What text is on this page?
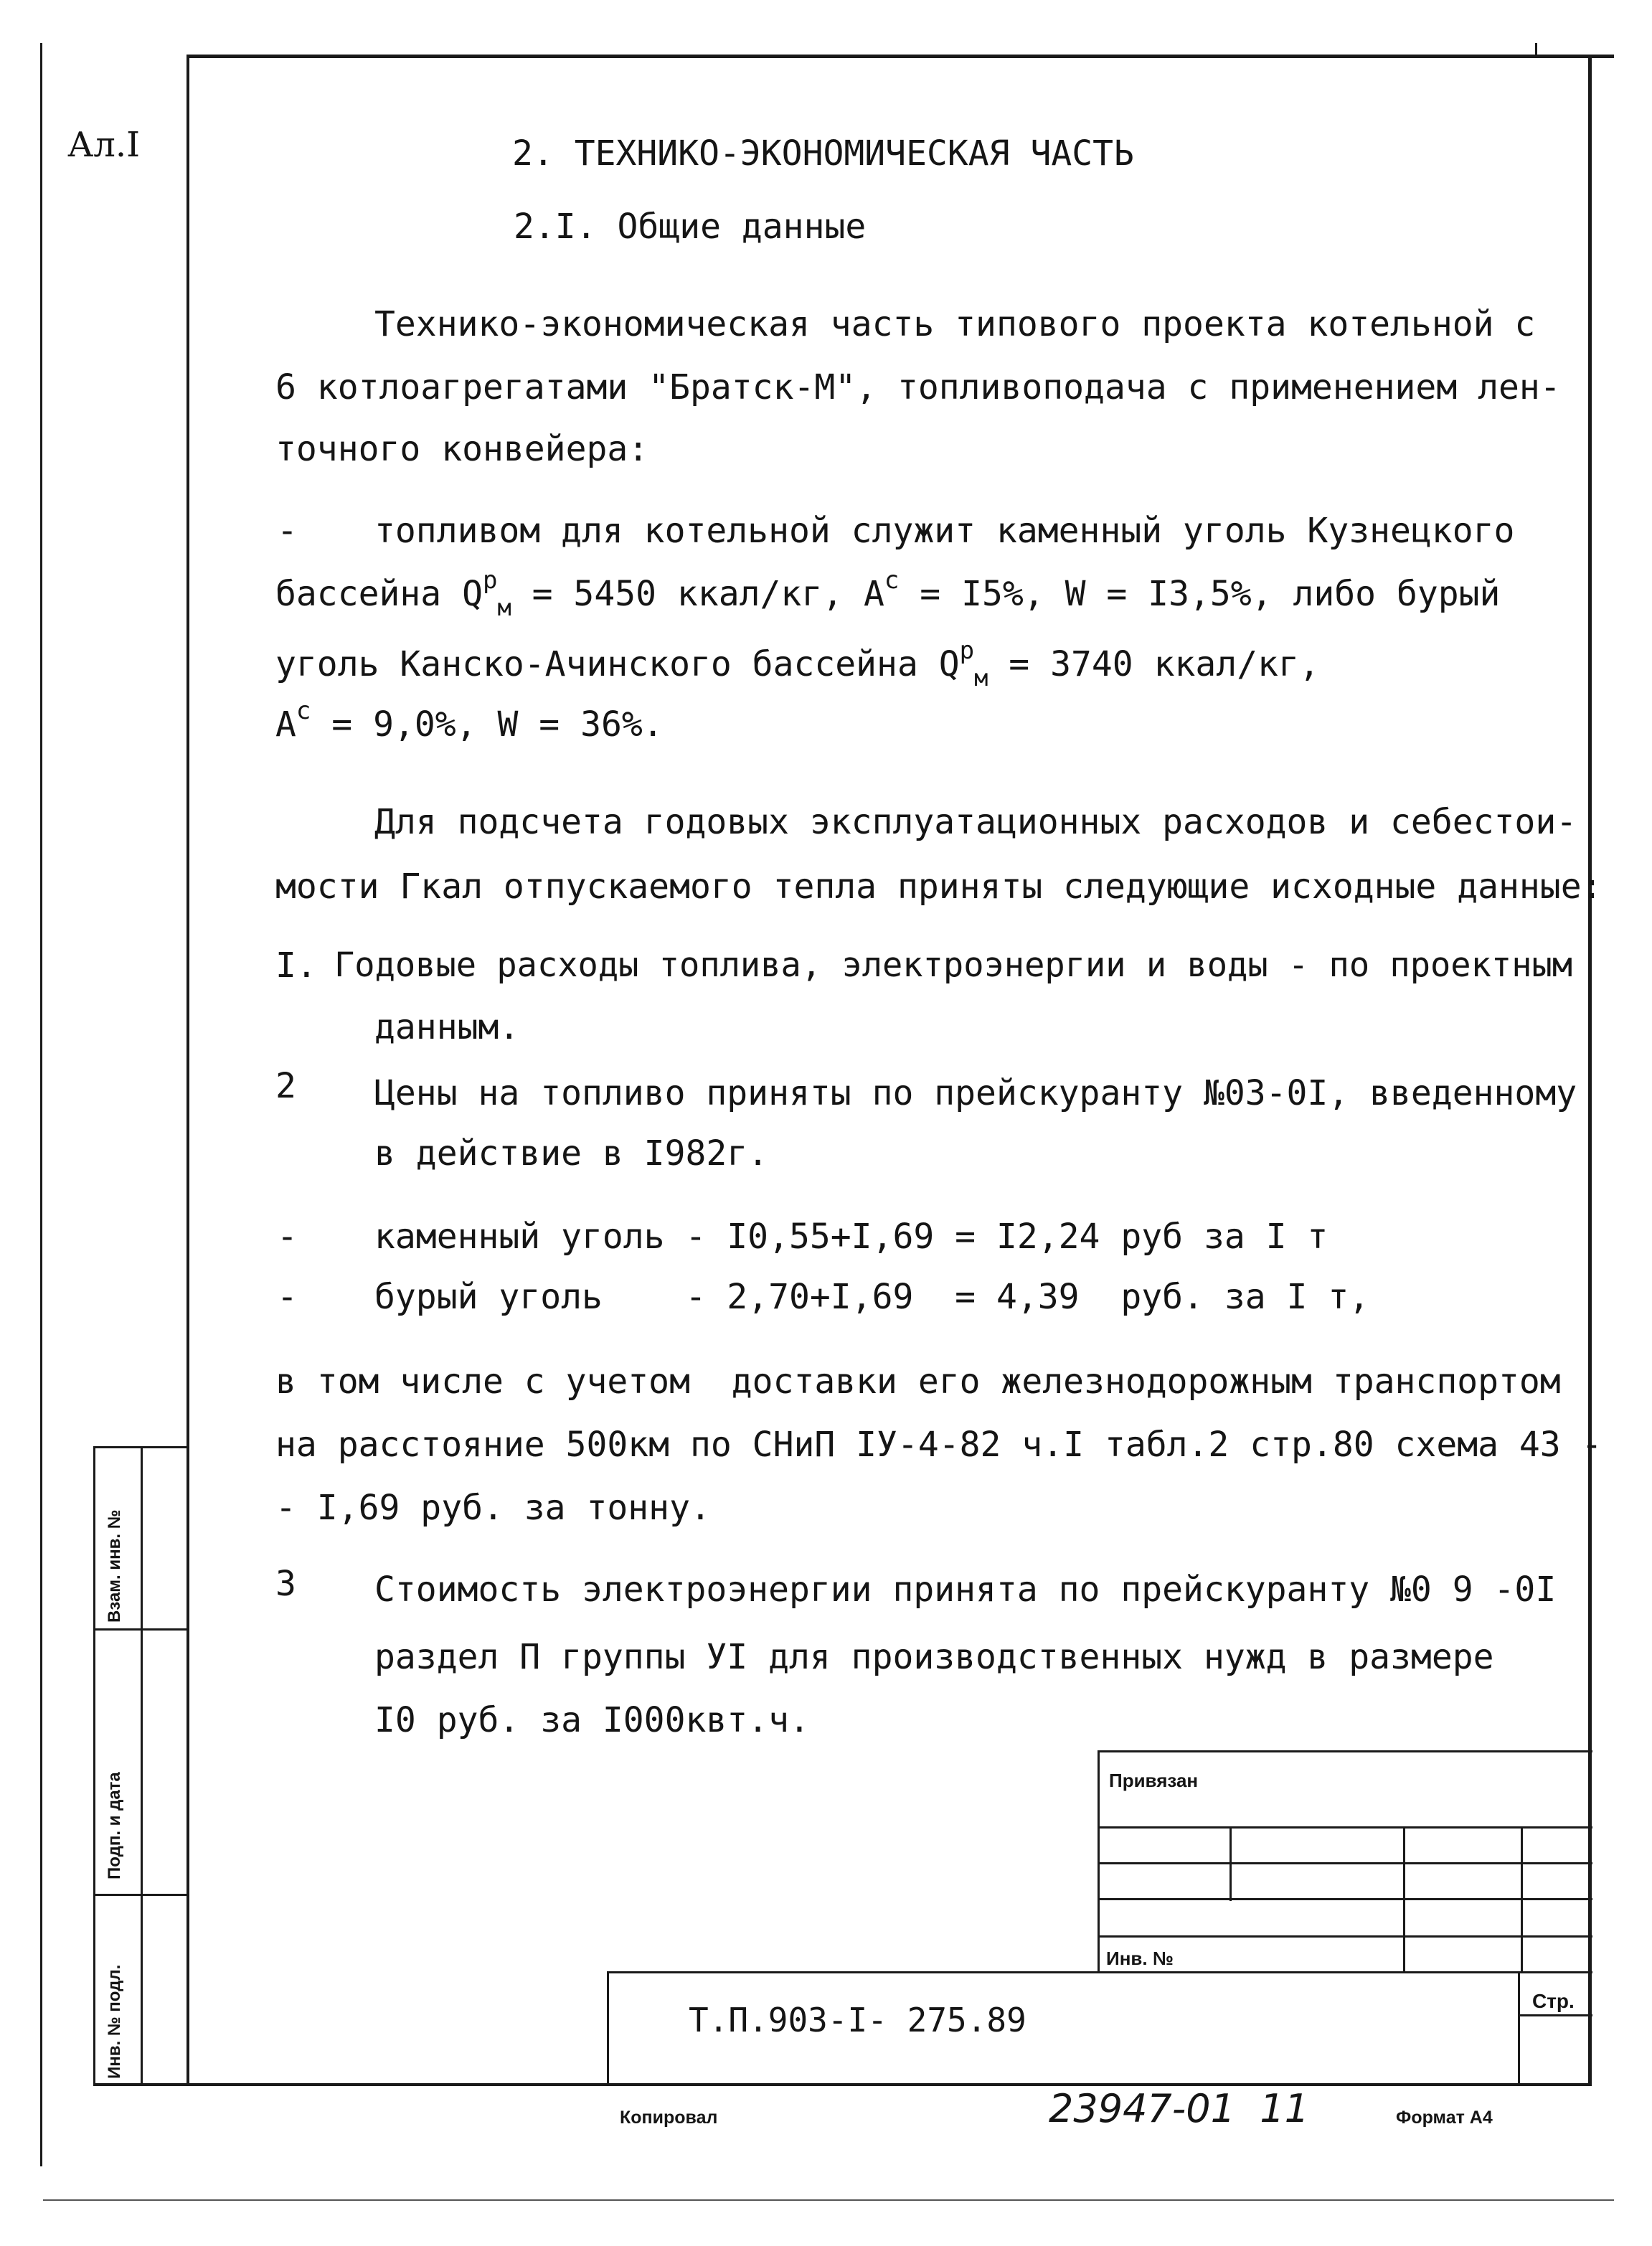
Взам. инв. №
Подп. и дата
Инв. № подл.
Ал.I	2. ТЕХНИКО-ЭКОНОМИЧЕСКАЯ ЧАСТЬ
2.I. Общие данные
Технико-экономическая часть типового проекта котельной с
6 котлоагрегатами "Братск-М", топливоподача с применением лен-
точного конвейера:
- топливом для котельной служит каменный уголь Кузнецкого
бассейна $Q^р_м = 5450$ ккал/кг, $А^с = I5\%$, W = I3,5%, либо бурый
уголь Канско-Ачинского бассейна $Q^р_м = 3740$ ккал/кг,
$А^с = 9,0\%$, W = 36%.
Для подсчета годовых эксплуатационных расходов и себестои-
мости Гкал отпускаемого тепла приняты следующие исходные данные:
I. Годовые расходы топлива, электроэнергии и воды - по проектным
данным.
2 Цены на топливо приняты по прейскуранту №03-0I, введенному
в действие в I982г.
- каменный уголь - I0,55+I,69 = I2,24 руб за I т
- бурый уголь    - 2,70+I,69  = 4,39  руб. за I т,
в том числе с учетом  доставки его железнодорожным транспортом
на расстояние 500км по СНиП IУ-4-82 ч.I табл.2 стр.80 схема 43 -
- I,69 руб. за тонну.
3 Стоимость электроэнергии принята по прейскуранту №0 9 -0I
раздел П группы УI для производственных нужд в размере
I0 руб. за I000квт.ч.
Привязан
Инв. №
Т.П.903-I- 275.89	Стр.
Копировал	23947-01  11	Формат А4
